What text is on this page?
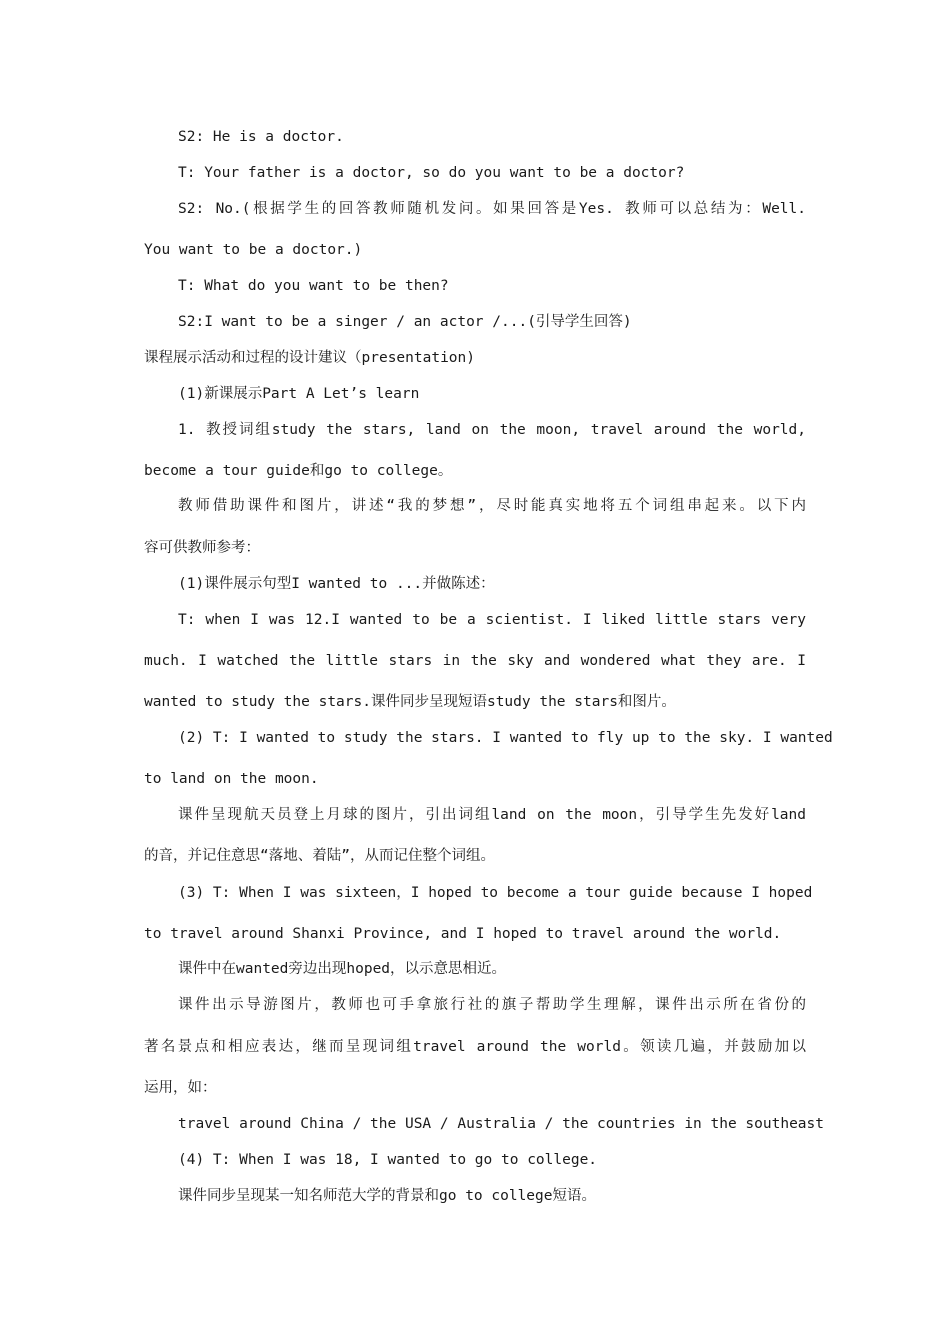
S2: He is a doctor.

T: Your father is a doctor, so do you want to be a doctor?

S2: No.(根据学生的回答教师随机发问。如果回答是Yes. 教师可以总结为：Well.

You want to be a doctor.)

T: What do you want to be then?

S2:I want to be a singer / an actor /...(引导学生回答)

课程展示活动和过程的设计建议（presentation)

(1)新课展示Part A Let’s learn

1. 教授词组study the stars, land on the moon, travel around the world,

become a tour guide和go to college。

教师借助课件和图片，讲述“我的梦想”，尽时能真实地将五个词组串起来。以下内

容可供教师参考：

(1)课件展示句型I wanted to ...并做陈述：

T: when I was 12.I wanted to be a scientist. I liked little stars very

much. I watched the little stars in the sky and wondered what they are. I

wanted to study the stars.课件同步呈现短语study the stars和图片。

(2) T: I wanted to study the stars. I wanted to fly up to the sky. I wanted

to land on the moon.

课件呈现航天员登上月球的图片，引出词组land on the moon，引导学生先发好land

的音，并记住意思“落地、着陆”，从而记住整个词组。

(3) T: When I was sixteen，I hoped to become a tour guide because I hoped

to travel around Shanxi Province, and I hoped to travel around the world.

课件中在wanted旁边出现hoped，以示意思相近。

课件出示导游图片，教师也可手拿旅行社的旗子帮助学生理解，课件出示所在省份的

著名景点和相应表达，继而呈现词组travel around the world。领读几遍，并鼓励加以

运用，如：

travel around China / the USA / Australia / the countries in the southeast

(4) T: When I was 18, I wanted to go to college.

课件同步呈现某一知名师范大学的背景和go to college短语。
